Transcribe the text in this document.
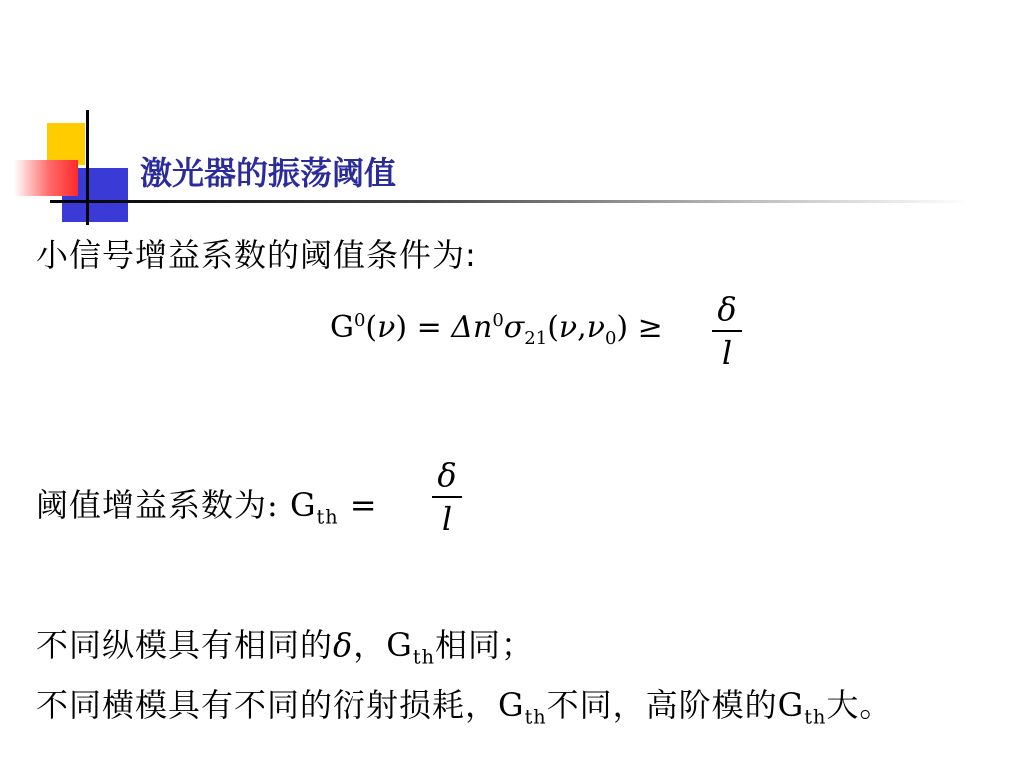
激光器的振荡阈值
小信号增益系数的阈值条件为:
$G^0(\nu) = \Delta n^0\sigma_{21}(\nu,\nu_0) \ge \delta$
l
阈值增益系数为: $G_{th}$ =
δ
l
不同纵模具有相同的δ，$G_{th}$相同；
不同横模具有不同的衍射损耗，$G_{th}$不同，高阶模的$G_{th}$大。
